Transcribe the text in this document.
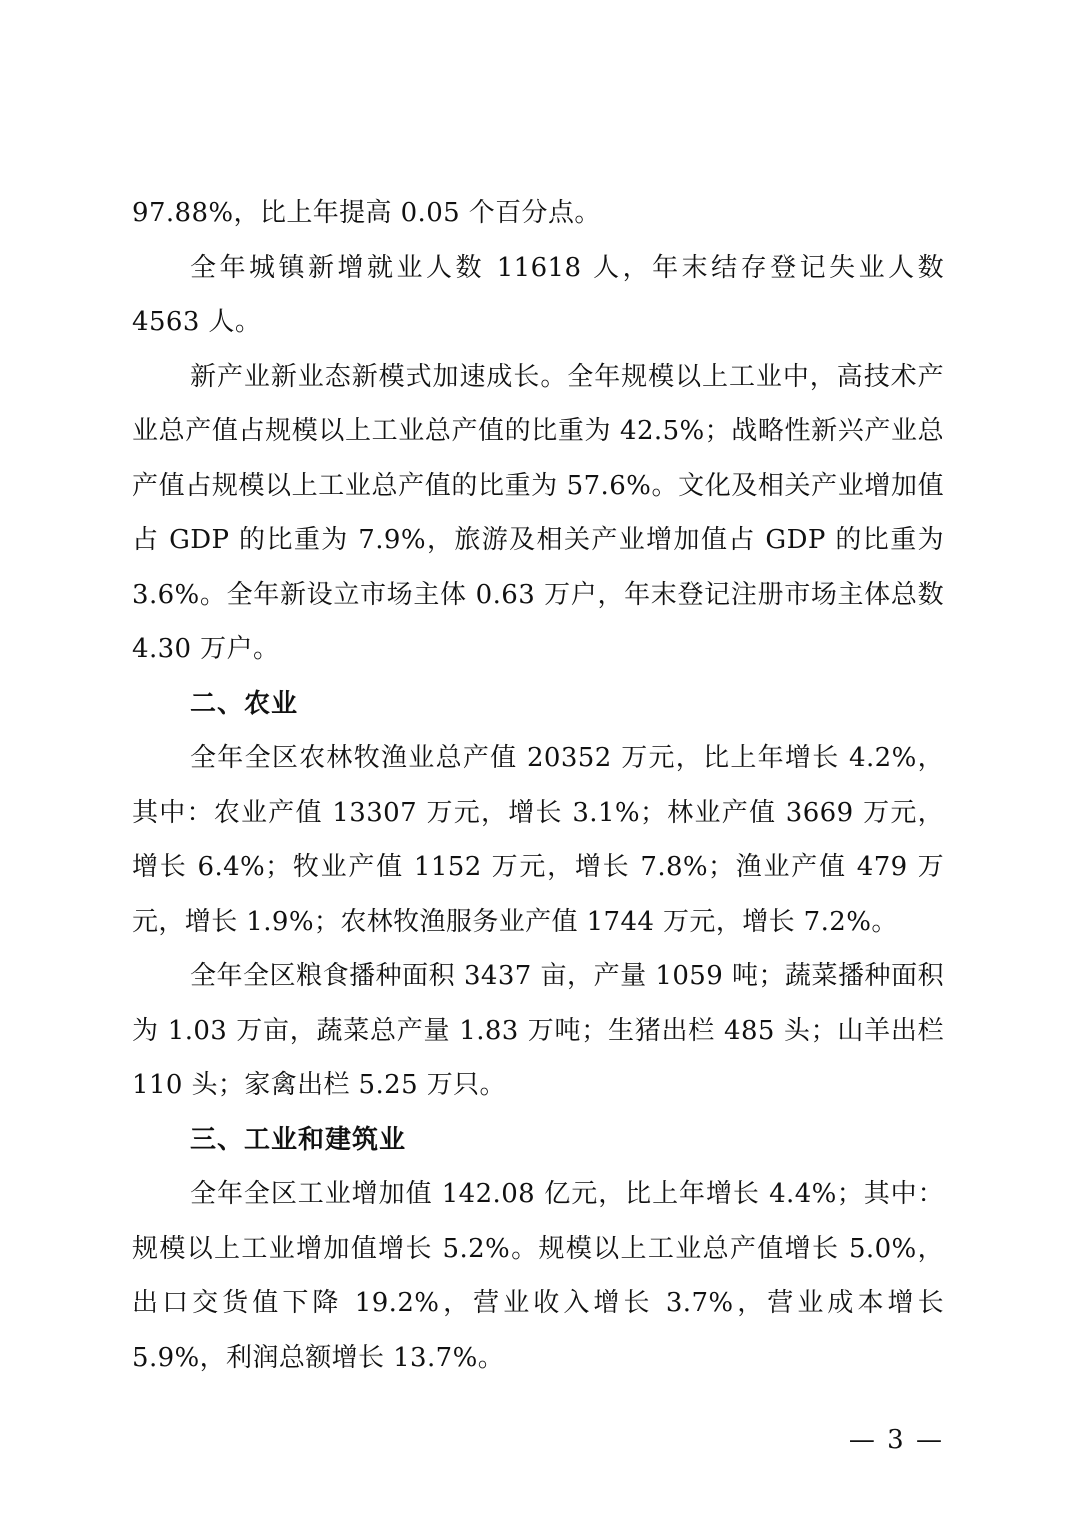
97.88%，比上年提高 0.05 个百分点。

全年城镇新增就业人数 11618 人，年末结存登记失业人数 4563 人。

新产业新业态新模式加速成长。全年规模以上工业中，高技术产业总产值占规模以上工业总产值的比重为 42.5%；战略性新兴产业总产值占规模以上工业总产值的比重为 57.6%。文化及相关产业增加值占 GDP 的比重为 7.9%，旅游及相关产业增加值占 GDP 的比重为 3.6%。全年新设立市场主体 0.63 万户，年末登记注册市场主体总数 4.30 万户。

二、农业

全年全区农林牧渔业总产值 20352 万元，比上年增长 4.2%，其中：农业产值 13307 万元，增长 3.1%；林业产值 3669 万元，增长 6.4%；牧业产值 1152 万元，增长 7.8%；渔业产值 479 万元，增长 1.9%；农林牧渔服务业产值 1744 万元，增长 7.2%。

全年全区粮食播种面积 3437 亩，产量 1059 吨；蔬菜播种面积为 1.03 万亩，蔬菜总产量 1.83 万吨；生猪出栏 485 头；山羊出栏 110 头；家禽出栏 5.25 万只。

三、工业和建筑业

全年全区工业增加值 142.08 亿元，比上年增长 4.4%；其中：规模以上工业增加值增长 5.2%。规模以上工业总产值增长 5.0%，出口交货值下降 19.2%，营业收入增长 3.7%，营业成本增长 5.9%，利润总额增长 13.7%。

— 3 —
